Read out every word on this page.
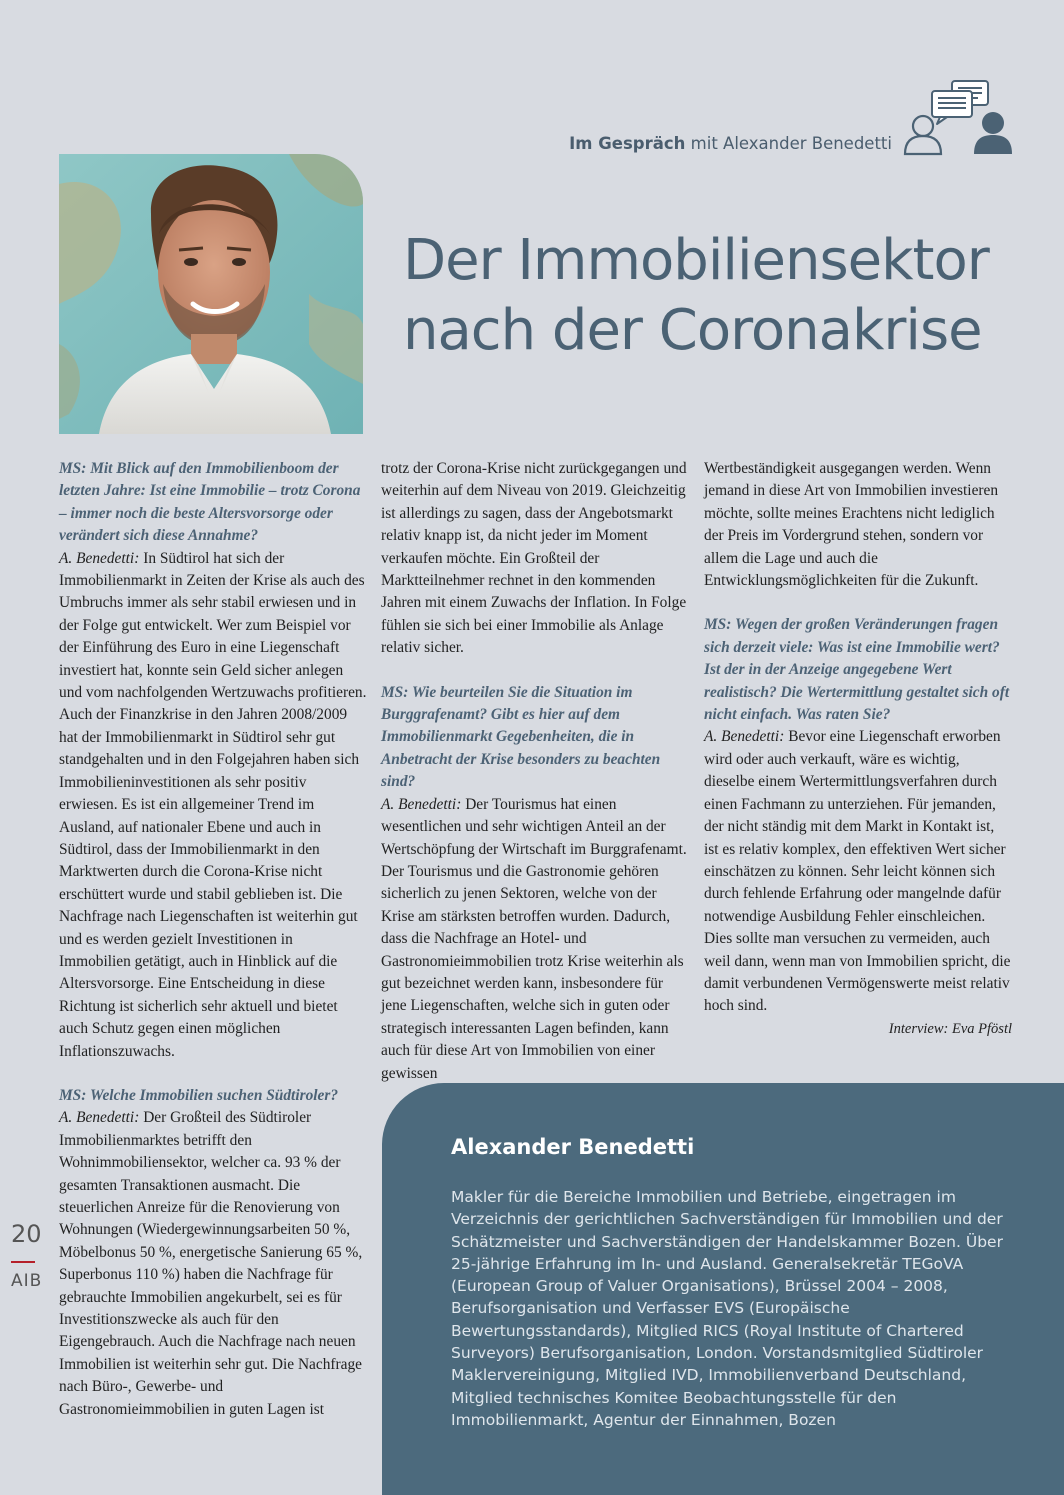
Im Gespräch mit Alexander Benedetti
Der Immobiliensektor
nach der Coronakrise

MS: Mit Blick auf den Immobilienboom der letzten Jahre: Ist eine Immobilie – trotz Corona – immer noch die beste Altersvorsorge oder verändert sich diese Annahme?

A. Benedetti: In Südtirol hat sich der Immobilienmarkt in Zeiten der Krise als auch des Umbruchs immer als sehr stabil erwiesen und in der Folge gut entwickelt. Wer zum Beispiel vor der Einführung des Euro in eine Liegenschaft investiert hat, konnte sein Geld sicher anlegen und vom nachfolgenden Wertzuwachs profitieren. Auch der Finanzkrise in den Jahren 2008/2009 hat der Immobilienmarkt in Südtirol sehr gut standgehalten und in den Folgejahren haben sich Immobilieninvestitionen als sehr positiv erwiesen. Es ist ein allgemeiner Trend im Ausland, auf nationaler Ebene und auch in Südtirol, dass der Immobilienmarkt in den Marktwerten durch die Corona-Krise nicht erschüttert wurde und stabil geblieben ist. Die Nachfrage nach Liegenschaften ist weiterhin gut und es werden gezielt Investitionen in Immobilien getätigt, auch in Hinblick auf die Altersvorsorge. Eine Entscheidung in diese Richtung ist sicherlich sehr aktuell und bietet auch Schutz gegen einen möglichen Inflationszuwachs.

MS: Welche Immobilien suchen Südtiroler?

A. Benedetti: Der Großteil des Südtiroler Immobilienmarktes betrifft den Wohnimmobiliensektor, welcher ca. 93 % der gesamten Transaktionen ausmacht. Die steuerlichen Anreize für die Renovierung von Wohnungen (Wiedergewinnungsarbeiten 50 %, Möbelbonus 50 %, energetische Sanierung 65 %, Superbonus 110 %) haben die Nachfrage für gebrauchte Immobilien angekurbelt, sei es für Investitionszwecke als auch für den Eigengebrauch. Auch die Nachfrage nach neuen Immobilien ist weiterhin sehr gut. Die Nachfrage nach Büro-, Gewerbe- und Gastronomieimmobilien in guten Lagen ist

trotz der Corona-Krise nicht zurückgegangen und weiterhin auf dem Niveau von 2019. Gleichzeitig ist allerdings zu sagen, dass der Angebotsmarkt relativ knapp ist, da nicht jeder im Moment verkaufen möchte. Ein Großteil der Marktteilnehmer rechnet in den kommenden Jahren mit einem Zuwachs der Inflation. In Folge fühlen sie sich bei einer Immobilie als Anlage relativ sicher.

MS: Wie beurteilen Sie die Situation im Burggrafenamt? Gibt es hier auf dem Immobilienmarkt Gegebenheiten, die in Anbetracht der Krise besonders zu beachten sind?

A. Benedetti: Der Tourismus hat einen wesentlichen und sehr wichtigen Anteil an der Wertschöpfung der Wirtschaft im Burggrafenamt. Der Tourismus und die Gastronomie gehören sicherlich zu jenen Sektoren, welche von der Krise am stärksten betroffen wurden. Dadurch, dass die Nachfrage an Hotel- und Gastronomieimmobilien trotz Krise weiterhin als gut bezeichnet werden kann, insbesondere für jene Liegenschaften, welche sich in guten oder strategisch interessanten Lagen befinden, kann auch für diese Art von Immobilien von einer gewissen

Wertbeständigkeit ausgegangen werden. Wenn jemand in diese Art von Immobilien investieren möchte, sollte meines Erachtens nicht lediglich der Preis im Vordergrund stehen, sondern vor allem die Lage und auch die Entwicklungsmöglichkeiten für die Zukunft.

MS: Wegen der großen Veränderungen fragen sich derzeit viele: Was ist eine Immobilie wert? Ist der in der Anzeige angegebene Wert realistisch? Die Wertermittlung gestaltet sich oft nicht einfach. Was raten Sie?

A. Benedetti: Bevor eine Liegenschaft erworben wird oder auch verkauft, wäre es wichtig, dieselbe einem Wertermittlungsverfahren durch einen Fachmann zu unterziehen. Für jemanden, der nicht ständig mit dem Markt in Kontakt ist, ist es relativ komplex, den effektiven Wert sicher einschätzen zu können. Sehr leicht können sich durch fehlende Erfahrung oder mangelnde dafür notwendige Ausbildung Fehler einschleichen. Dies sollte man versuchen zu vermeiden, auch weil dann, wenn man von Immobilien spricht, die damit verbundenen Vermögenswerte meist relativ hoch sind.

Interview: Eva Pföstl

20
AIB
Alexander Benedetti

Makler für die Bereiche Immobilien und Betriebe, eingetragen im Verzeichnis der gerichtlichen Sachverständigen für Immobilien und der Schätzmeister und Sachverständigen der Handelskammer Bozen. Über 25-jährige Erfahrung im In- und Ausland. Generalsekretär TEGoVA (European Group of Valuer Organisations), Brüssel 2004 – 2008, Berufsorganisation und Verfasser EVS (Europäische Bewertungsstandards), Mitglied RICS (Royal Institute of Chartered Surveyors) Berufsorganisation, London. Vorstandsmitglied Südtiroler Maklervereinigung, Mitglied IVD, Immobilienverband Deutschland, Mitglied technisches Komitee Beobachtungsstelle für den Immobilienmarkt, Agentur der Einnahmen, Bozen
